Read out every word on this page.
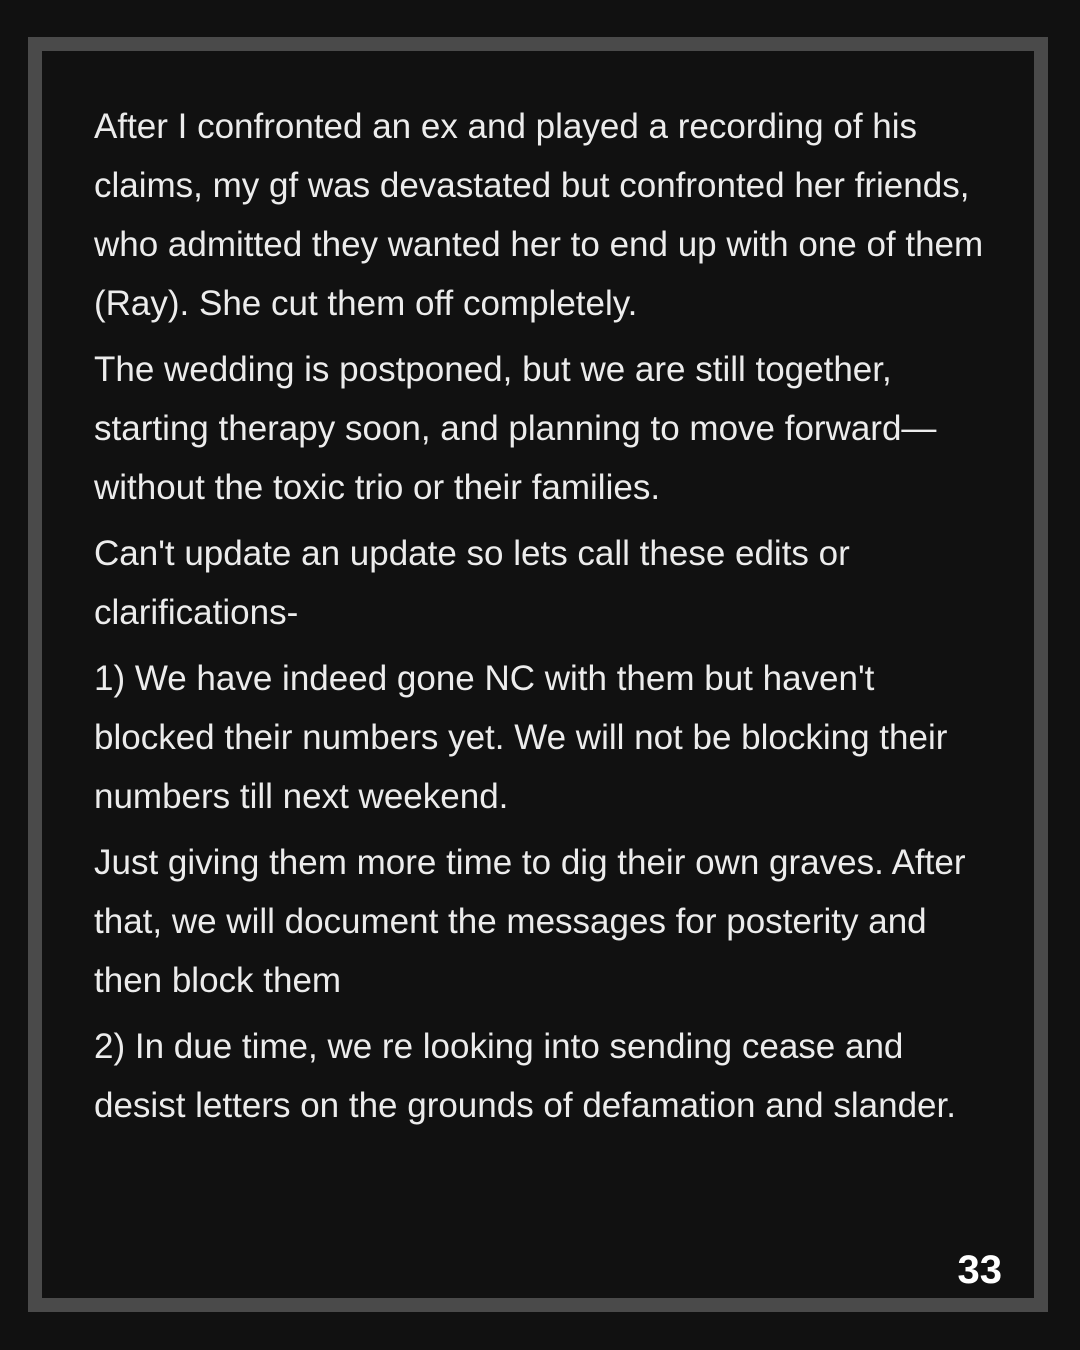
After I confronted an ex and played a recording of his claims, my gf was devastated but confronted her friends, who admitted they wanted her to end up with one of them (Ray). She cut them off completely.

The wedding is postponed, but we are still together, starting therapy soon, and planning to move forward—without the toxic trio or their families.

Can't update an update so lets call these edits or clarifications-

1) We have indeed gone NC with them but haven't blocked their numbers yet. We will not be blocking their numbers till next weekend.

Just giving them more time to dig their own graves. After that, we will document the messages for posterity and then block them

2) In due time, we re looking into sending cease and desist letters on the grounds of defamation and slander.

33
